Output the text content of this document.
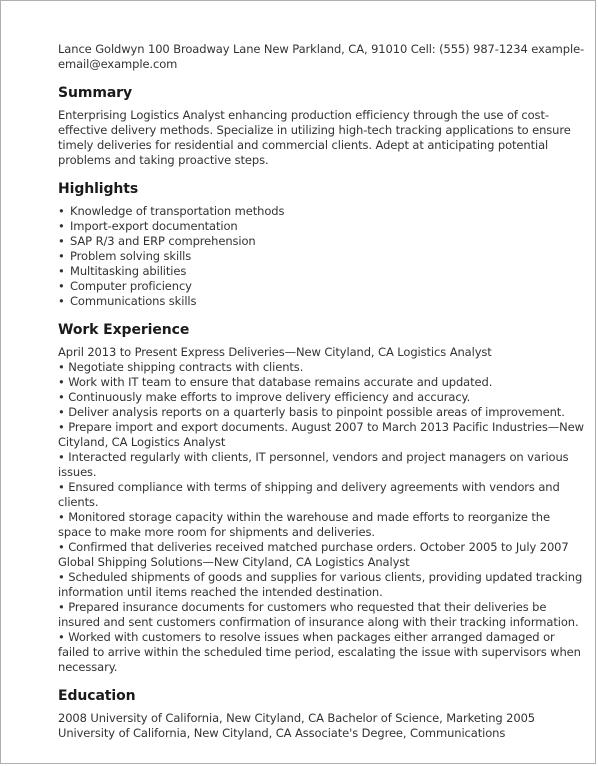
Lance Goldwyn 100 Broadway Lane New Parkland, CA, 91010 Cell: (555) 987-1234 example-email@example.com

Summary

Enterprising Logistics Analyst enhancing production efficiency through the use of cost-effective delivery methods. Specialize in utilizing high-tech tracking applications to ensure timely deliveries for residential and commercial clients. Adept at anticipating potential problems and taking proactive steps.

Highlights
• Knowledge of transportation methods
• Import-export documentation
• SAP R/3 and ERP comprehension
• Problem solving skills
• Multitasking abilities
• Computer proficiency
• Communications skills
Work Experience

April 2013 to Present Express Deliveries—New Cityland, CA Logistics Analyst

• Negotiate shipping contracts with clients.

• Work with IT team to ensure that database remains accurate and updated.

• Continuously make efforts to improve delivery efficiency and accuracy.

• Deliver analysis reports on a quarterly basis to pinpoint possible areas of improvement.

• Prepare import and export documents. August 2007 to March 2013 Pacific Industries—New Cityland, CA Logistics Analyst

• Interacted regularly with clients, IT personnel, vendors and project managers on various issues.

• Ensured compliance with terms of shipping and delivery agreements with vendors and clients.

• Monitored storage capacity within the warehouse and made efforts to reorganize the space to make more room for shipments and deliveries.

• Confirmed that deliveries received matched purchase orders. October 2005 to July 2007 Global Shipping Solutions—New Cityland, CA Logistics Analyst

• Scheduled shipments of goods and supplies for various clients, providing updated tracking information until items reached the intended destination.

• Prepared insurance documents for customers who requested that their deliveries be insured and sent customers confirmation of insurance along with their tracking information.

• Worked with customers to resolve issues when packages either arranged damaged or failed to arrive within the scheduled time period, escalating the issue with supervisors when necessary.

Education

2008 University of California, New Cityland, CA Bachelor of Science, Marketing 2005 University of California, New Cityland, CA Associate's Degree, Communications
